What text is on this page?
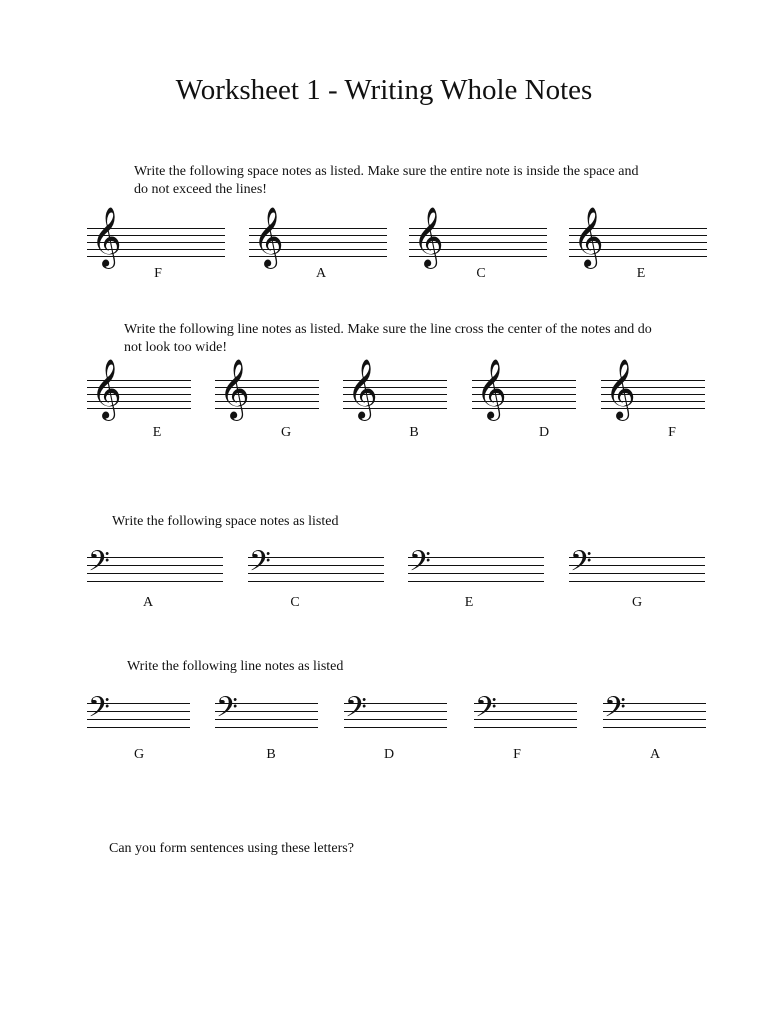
Worksheet 1 - Writing Whole Notes
Write the following space notes as listed. Make sure the entire note is inside the space and
do not exceed the lines!
𝄞
F
𝄞
A
𝄞
C
𝄞
E
Write the following line notes as listed. Make sure the line cross the center of the notes and do
not look too wide!
𝄞
E
𝄞
G
𝄞
B
𝄞
D
𝄞
F
Write the following space notes as listed
𝄢
A
𝄢
C
𝄢
E
𝄢
G
Write the following line notes as listed
𝄢
G
𝄢
B
𝄢
D
𝄢
F
𝄢
A
Can you form sentences using these letters?
